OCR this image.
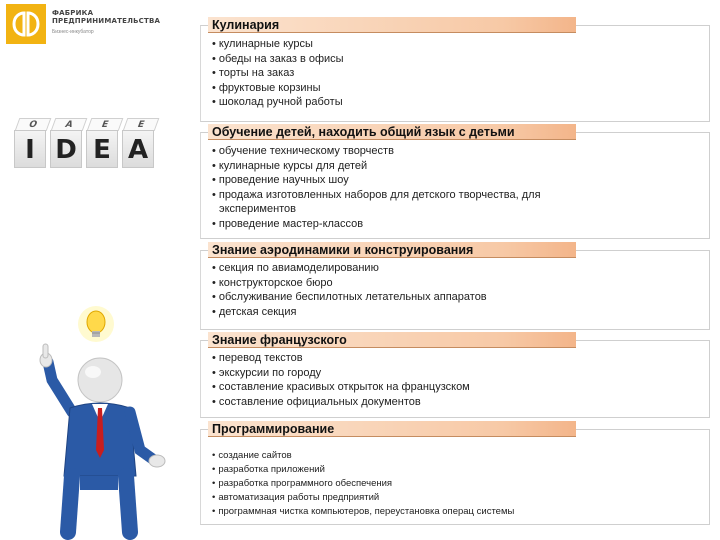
ФАБРИКА
ПРЕДПРИНИМАТЕЛЬСТВА
Бизнес-инкубатор
O
I
A
D
E
E
E
A
Кулинария
• кулинарные курсы
• обеды на заказ в офисы
• торты на заказ
• фруктовые корзины
• шоколад ручной работы
Обучение детей, находить общий язык с детьми
• обучение техническому творчеств
• кулинарные курсы для детей
• проведение научных шоу
• продажа изготовленных наборов для детского творчества, для экспериментов
• проведение мастер-классов
Знание аэродинамики и конструирования
• секция по авиамоделированию
• конструкторское бюро
• обслуживание беспилотных летательных аппаратов
• детская секция
Знание французского
• перевод текстов
• экскурсии по городу
• составление красивых открыток на французском
• составление официальных документов
Программирование
• создание сайтов
• разработка приложений
• разработка программного обеспечения
• автоматизация работы предприятий
• программная чистка компьютеров, переустановка операц системы
